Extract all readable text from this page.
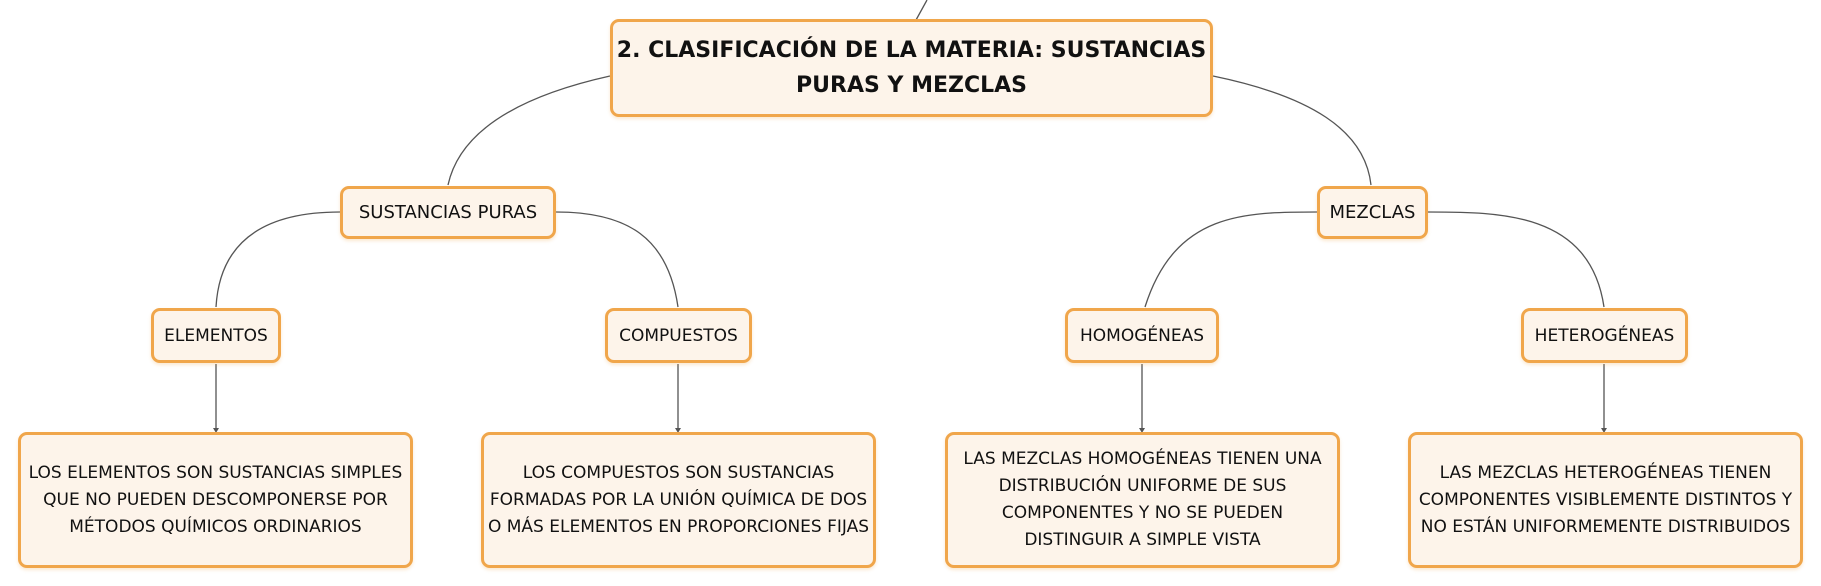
2. CLASIFICACIÓN DE LA MATERIA: SUSTANCIAS
PURAS Y MEZCLAS
SUSTANCIAS PURAS	MEZCLAS
ELEMENTOS	COMPUESTOS	HOMOGÉNEAS	HETEROGÉNEAS
LOS ELEMENTOS SON SUSTANCIAS SIMPLES
QUE NO PUEDEN DESCOMPONERSE POR
MÉTODOS QUÍMICOS ORDINARIOS
LOS COMPUESTOS SON SUSTANCIAS
FORMADAS POR LA UNIÓN QUÍMICA DE DOS
O MÁS ELEMENTOS EN PROPORCIONES FIJAS
LAS MEZCLAS HOMOGÉNEAS TIENEN UNA
DISTRIBUCIÓN UNIFORME DE SUS
COMPONENTES Y NO SE PUEDEN
DISTINGUIR A SIMPLE VISTA
LAS MEZCLAS HETEROGÉNEAS TIENEN
COMPONENTES VISIBLEMENTE DISTINTOS Y
NO ESTÁN UNIFORMEMENTE DISTRIBUIDOS
